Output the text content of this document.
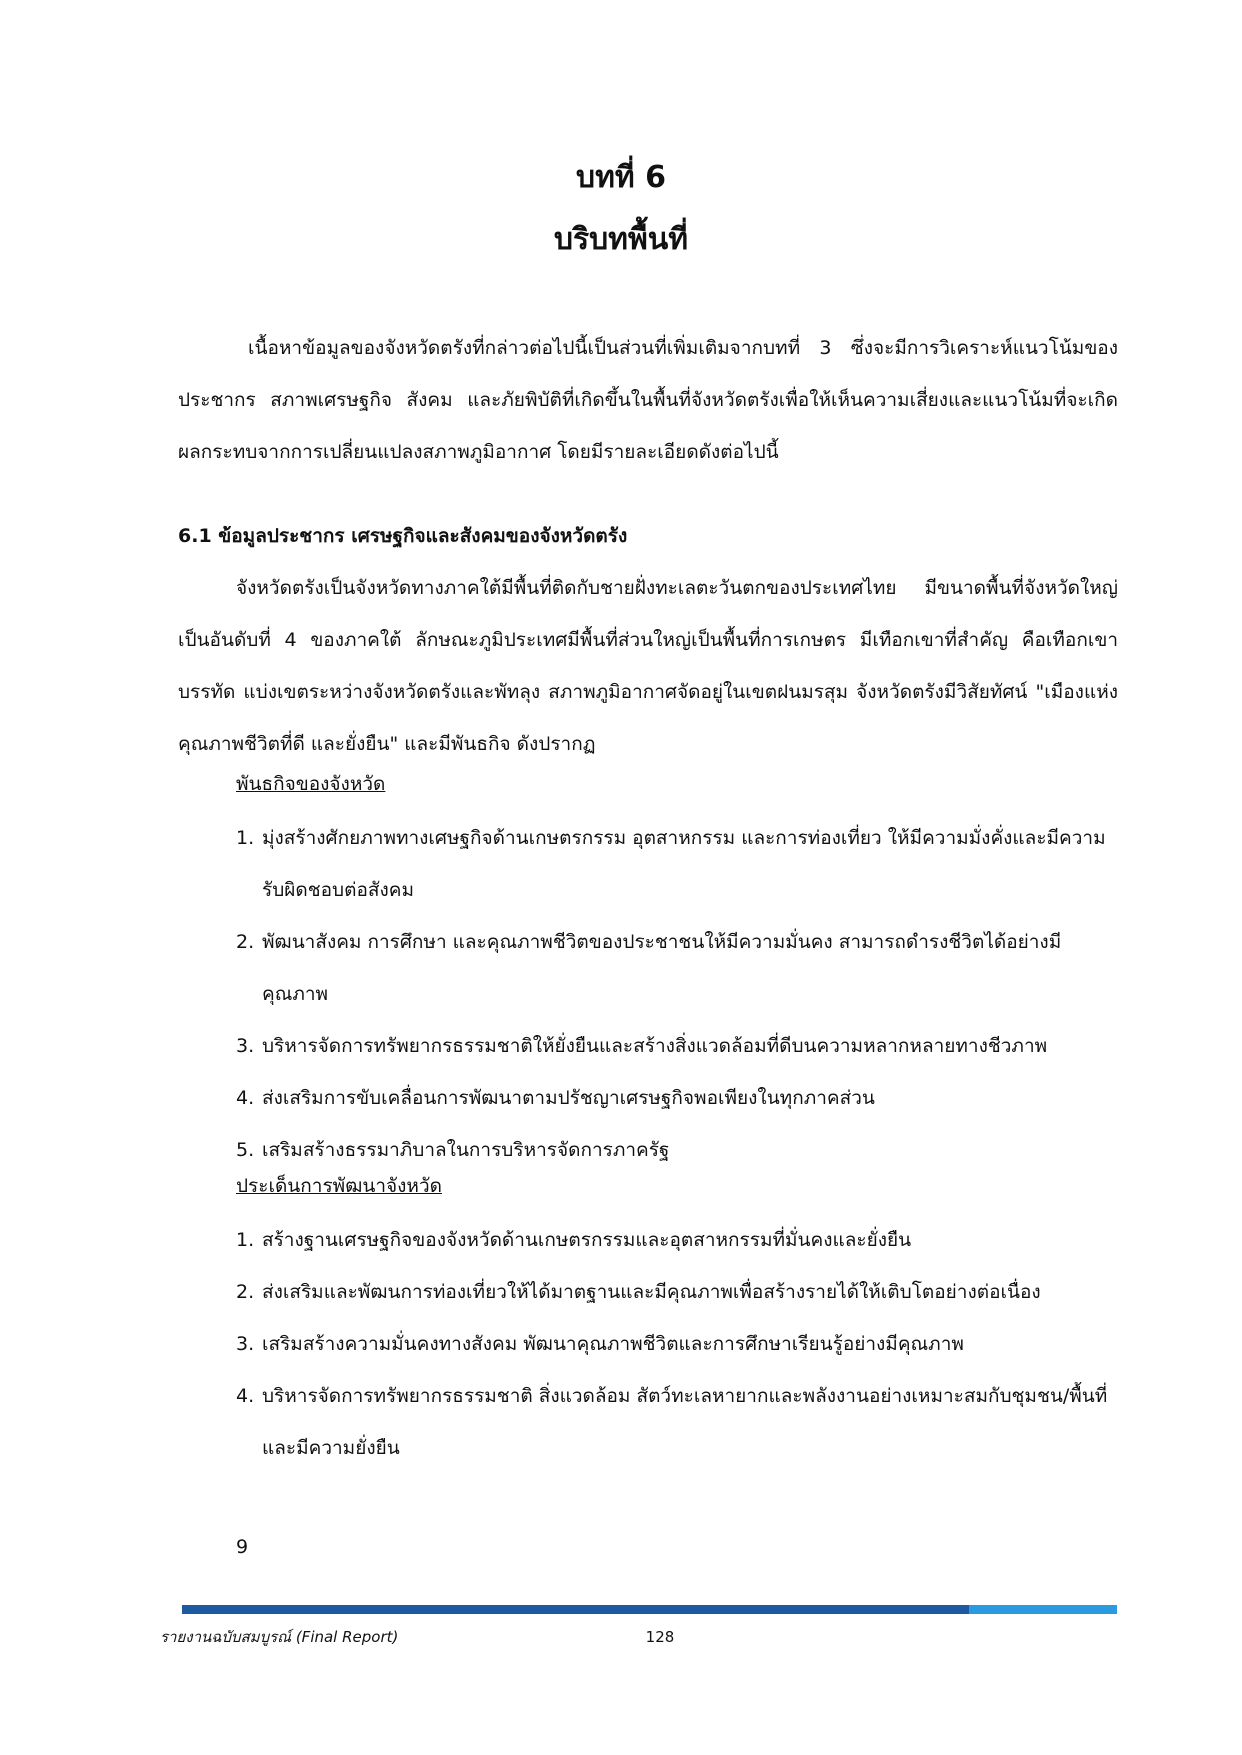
บทที่ 6
บริบทพื้นที่
เนื้อหาข้อมูลของจังหวัดตรังที่กล่าวต่อไปนี้เป็นส่วนที่เพิ่มเติมจากบทที่ 3 ซึ่งจะมีการวิเคราะห์แนวโน้มของประชากร สภาพเศรษฐกิจ สังคม และภัยพิบัติที่เกิดขึ้นในพื้นที่จังหวัดตรังเพื่อให้เห็นความเสี่ยงและแนวโน้มที่จะเกิดผลกระทบจากการเปลี่ยนแปลงสภาพภูมิอากาศ โดยมีรายละเอียดดังต่อไปนี้
6.1 ข้อมูลประชากร เศรษฐกิจและสังคมของจังหวัดตรัง
จังหวัดตรังเป็นจังหวัดทางภาคใต้มีพื้นที่ติดกับชายฝั่งทะเลตะวันตกของประเทศไทย มีขนาดพื้นที่จังหวัดใหญ่เป็นอันดับที่ 4 ของภาคใต้ ลักษณะภูมิประเทศมีพื้นที่ส่วนใหญ่เป็นพื้นที่การเกษตร มีเทือกเขาที่สำคัญ คือเทือกเขาบรรทัด แบ่งเขตระหว่างจังหวัดตรังและพัทลุง สภาพภูมิอากาศจัดอยู่ในเขตฝนมรสุม จังหวัดตรังมีวิสัยทัศน์ "เมืองแห่งคุณภาพชีวิตที่ดี และยั่งยืน" และมีพันธกิจ ดังปรากฏ
พันธกิจของจังหวัด
1. มุ่งสร้างศักยภาพทางเศษฐกิจด้านเกษตรกรรม อุตสาหกรรม และการท่องเที่ยว ให้มีความมั่งคั่งและมีความรับผิดชอบต่อสังคม
2. พัฒนาสังคม การศึกษา และคุณภาพชีวิตของประชาชนให้มีความมั่นคง สามารถดำรงชีวิตได้อย่างมีคุณภาพ
3. บริหารจัดการทรัพยากรธรรมชาติให้ยั่งยืนและสร้างสิ่งแวดล้อมที่ดีบนความหลากหลายทางชีวภาพ
4. ส่งเสริมการขับเคลื่อนการพัฒนาตามปรัชญาเศรษฐกิจพอเพียงในทุกภาคส่วน
5. เสริมสร้างธรรมาภิบาลในการบริหารจัดการภาครัฐ
ประเด็นการพัฒนาจังหวัด
1. สร้างฐานเศรษฐกิจของจังหวัดด้านเกษตรกรรมและอุตสาหกรรมที่มั่นคงและยั่งยืน
2. ส่งเสริมและพัฒนการท่องเที่ยวให้ได้มาตฐานและมีคุณภาพเพื่อสร้างรายได้ให้เติบโตอย่างต่อเนื่อง
3. เสริมสร้างความมั่นคงทางสังคม พัฒนาคุณภาพชีวิตและการศึกษาเรียนรู้อย่างมีคุณภาพ
4. บริหารจัดการทรัพยากรธรรมชาติ สิ่งแวดล้อม สัตว์ทะเลหายากและพลังงานอย่างเหมาะสมกับชุมชน/พื้นที่ และมีความยั่งยืน
9
รายงานฉบับสมบูรณ์ (Final Report)	128
